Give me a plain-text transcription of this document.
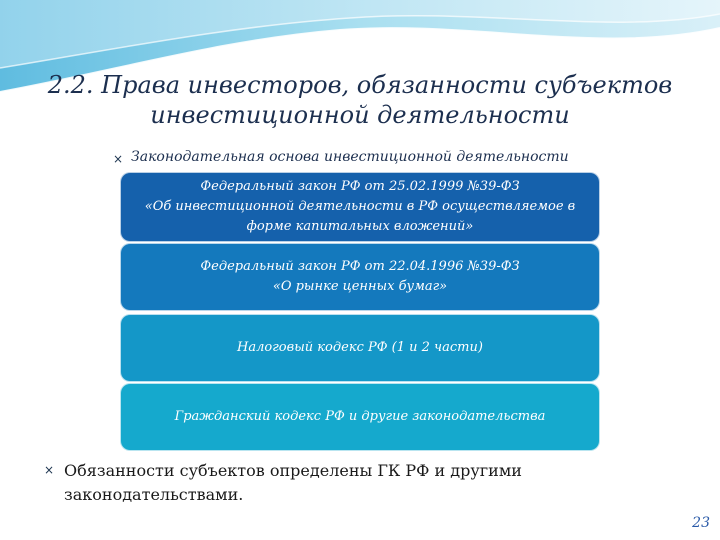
2.2. Права инвесторов, обязанности субъектов инвестиционной деятельности
× Законодательная основа инвестиционной деятельности
Федеральный закон РФ от 25.02.1999 №39-ФЗ
«Об инвестиционной деятельности в РФ осуществляемое в форме капитальных вложений»
Федеральный закон РФ от 22.04.1996 №39-ФЗ
«О рынке ценных бумаг»
Налоговый кодекс РФ (1 и 2 части)
Гражданский кодекс РФ и другие законодательства
× Обязанности субъектов определены ГК РФ и другими законодательствами.
23
